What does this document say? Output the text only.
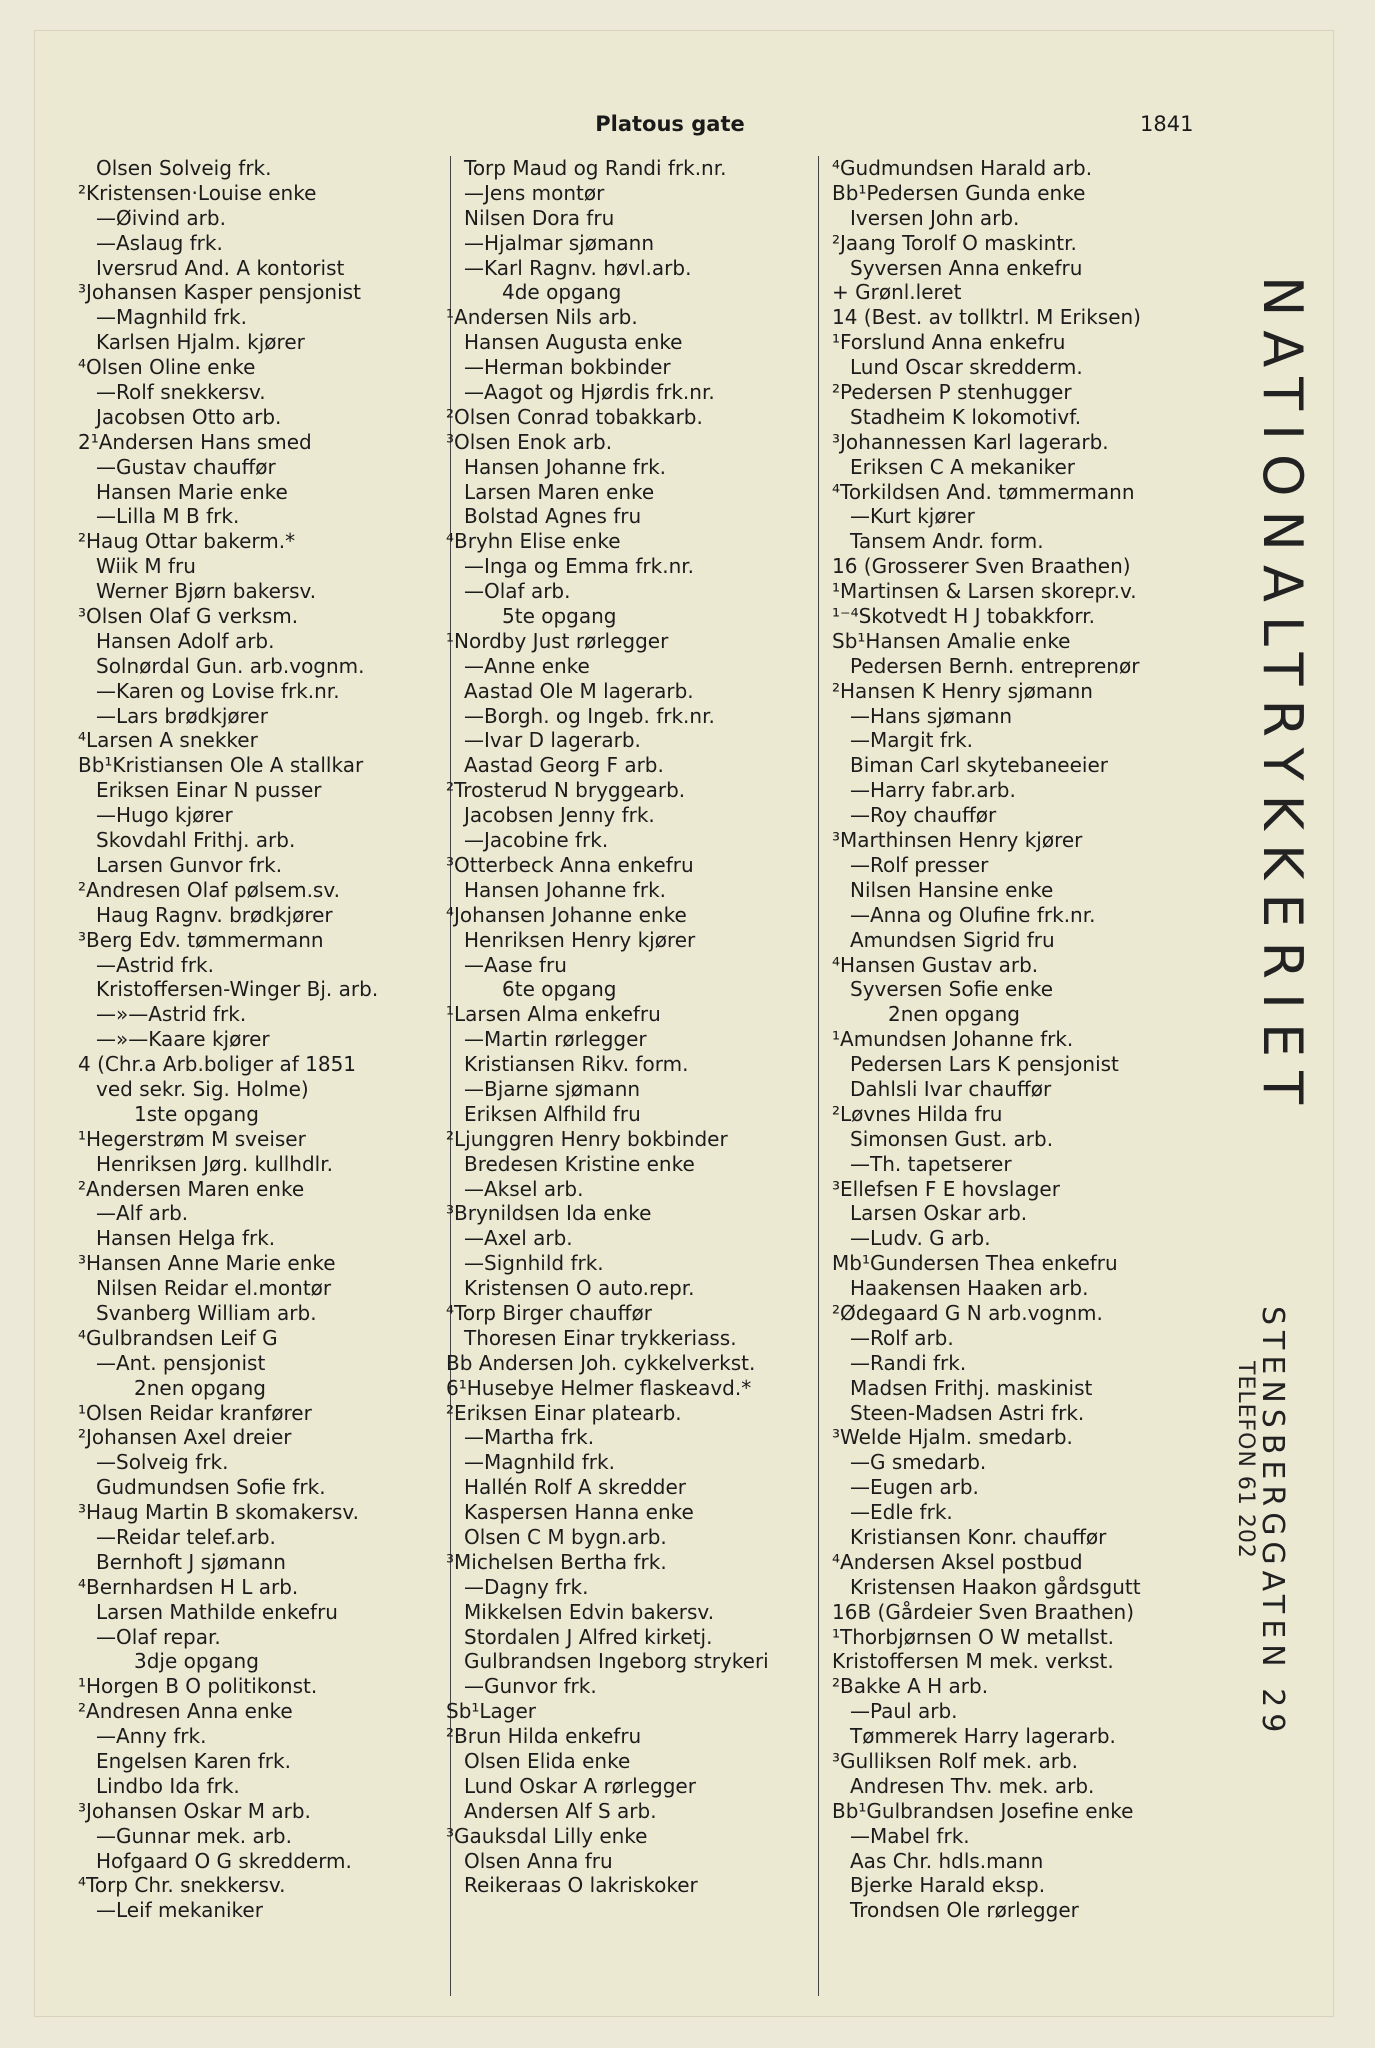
Platous gate	1841
Olsen Solveig frk.
²Kristensen·Louise enke
—Øivind arb.
—Aslaug frk.
Iversrud And. A kontorist
³Johansen Kasper pensjonist
—Magnhild frk.
Karlsen Hjalm. kjører
⁴Olsen Oline enke
—Rolf snekkersv.
Jacobsen Otto arb.
2¹Andersen Hans smed
—Gustav chauffør
Hansen Marie enke
—Lilla M B frk.
²Haug Ottar bakerm.*
Wiik M fru
Werner Bjørn bakersv.
³Olsen Olaf G verksm.
Hansen Adolf arb.
Solnørdal Gun. arb.vognm.
—Karen og Lovise frk.nr.
—Lars brødkjører
⁴Larsen A snekker
Bb¹Kristiansen Ole A stallkar
Eriksen Einar N pusser
—Hugo kjører
Skovdahl Frithj. arb.
Larsen Gunvor frk.
²Andresen Olaf pølsem.sv.
Haug Ragnv. brødkjører
³Berg Edv. tømmermann
—Astrid frk.
Kristoffersen-Winger Bj. arb.
—»—Astrid frk.
—»—Kaare kjører
4 (Chr.a Arb.boliger af 1851
ved sekr. Sig. Holme)
1ste opgang
¹Hegerstrøm M sveiser
Henriksen Jørg. kullhdlr.
²Andersen Maren enke
—Alf arb.
Hansen Helga frk.
³Hansen Anne Marie enke
Nilsen Reidar el.montør
Svanberg William arb.
⁴Gulbrandsen Leif G
—Ant. pensjonist
2nen opgang
¹Olsen Reidar kranfører
²Johansen Axel dreier
—Solveig frk.
Gudmundsen Sofie frk.
³Haug Martin B skomakersv.
—Reidar telef.arb.
Bernhoft J sjømann
⁴Bernhardsen H L arb.
Larsen Mathilde enkefru
—Olaf repar.
3dje opgang
¹Horgen B O politikonst.
²Andresen Anna enke
—Anny frk.
Engelsen Karen frk.
Lindbo Ida frk.
³Johansen Oskar M arb.
—Gunnar mek. arb.
Hofgaard O G skredderm.
⁴Torp Chr. snekkersv.
—Leif mekaniker
Torp Maud og Randi frk.nr.
—Jens montør
Nilsen Dora fru
—Hjalmar sjømann
—Karl Ragnv. høvl.arb.
4de opgang
¹Andersen Nils arb.
Hansen Augusta enke
—Herman bokbinder
—Aagot og Hjørdis frk.nr.
²Olsen Conrad tobakkarb.
³Olsen Enok arb.
Hansen Johanne frk.
Larsen Maren enke
Bolstad Agnes fru
⁴Bryhn Elise enke
—Inga og Emma frk.nr.
—Olaf arb.
5te opgang
¹Nordby Just rørlegger
—Anne enke
Aastad Ole M lagerarb.
—Borgh. og Ingeb. frk.nr.
—Ivar D lagerarb.
Aastad Georg F arb.
²Trosterud N bryggearb.
Jacobsen Jenny frk.
—Jacobine frk.
³Otterbeck Anna enkefru
Hansen Johanne frk.
⁴Johansen Johanne enke
Henriksen Henry kjører
—Aase fru
6te opgang
¹Larsen Alma enkefru
—Martin rørlegger
Kristiansen Rikv. form.
—Bjarne sjømann
Eriksen Alfhild fru
²Ljunggren Henry bokbinder
Bredesen Kristine enke
—Aksel arb.
³Brynildsen Ida enke
—Axel arb.
—Signhild frk.
Kristensen O auto.repr.
⁴Torp Birger chauffør
Thoresen Einar trykkeriass.
Bb Andersen Joh. cykkelverkst.
6¹Husebye Helmer flaskeavd.*
²Eriksen Einar platearb.
—Martha frk.
—Magnhild frk.
Hallén Rolf A skredder
Kaspersen Hanna enke
Olsen C M bygn.arb.
³Michelsen Bertha frk.
—Dagny frk.
Mikkelsen Edvin bakersv.
Stordalen J Alfred kirketj.
Gulbrandsen Ingeborg strykeri
—Gunvor frk.
Sb¹Lager
²Brun Hilda enkefru
Olsen Elida enke
Lund Oskar A rørlegger
Andersen Alf S arb.
³Gauksdal Lilly enke
Olsen Anna fru
Reikeraas O lakriskoker
⁴Gudmundsen Harald arb.
Bb¹Pedersen Gunda enke
Iversen John arb.
²Jaang Torolf O maskintr.
Syversen Anna enkefru
+ Grønl.leret
14 (Best. av tollktrl. M Eriksen)
¹Forslund Anna enkefru
Lund Oscar skredderm.
²Pedersen P stenhugger
Stadheim K lokomotivf.
³Johannessen Karl lagerarb.
Eriksen C A mekaniker
⁴Torkildsen And. tømmermann
—Kurt kjører
Tansem Andr. form.
16 (Grosserer Sven Braathen)
¹Martinsen & Larsen skorepr.v.
¹⁻⁴Skotvedt H J tobakkforr.
Sb¹Hansen Amalie enke
Pedersen Bernh. entreprenør
²Hansen K Henry sjømann
—Hans sjømann
—Margit frk.
Biman Carl skytebaneeier
—Harry fabr.arb.
—Roy chauffør
³Marthinsen Henry kjører
—Rolf presser
Nilsen Hansine enke
—Anna og Olufine frk.nr.
Amundsen Sigrid fru
⁴Hansen Gustav arb.
Syversen Sofie enke
2nen opgang
¹Amundsen Johanne frk.
Pedersen Lars K pensjonist
Dahlsli Ivar chauffør
²Løvnes Hilda fru
Simonsen Gust. arb.
—Th. tapetserer
³Ellefsen F E hovslager
Larsen Oskar arb.
—Ludv. G arb.
Mb¹Gundersen Thea enkefru
Haakensen Haaken arb.
²Ødegaard G N arb.vognm.
—Rolf arb.
—Randi frk.
Madsen Frithj. maskinist
Steen-Madsen Astri frk.
³Welde Hjalm. smedarb.
—G smedarb.
—Eugen arb.
—Edle frk.
Kristiansen Konr. chauffør
⁴Andersen Aksel postbud
Kristensen Haakon gårdsgutt
16B (Gårdeier Sven Braathen)
¹Thorbjørnsen O W metallst.
Kristoffersen M mek. verkst.
²Bakke A H arb.
—Paul arb.
Tømmerek Harry lagerarb.
³Gulliksen Rolf mek. arb.
Andresen Thv. mek. arb.
Bb¹Gulbrandsen Josefine enke
—Mabel frk.
Aas Chr. hdls.mann
Bjerke Harald eksp.
Trondsen Ole rørlegger
NATIONALTRYKKERIET
STENSBERGGATEN 29
TELEFON 61 202
